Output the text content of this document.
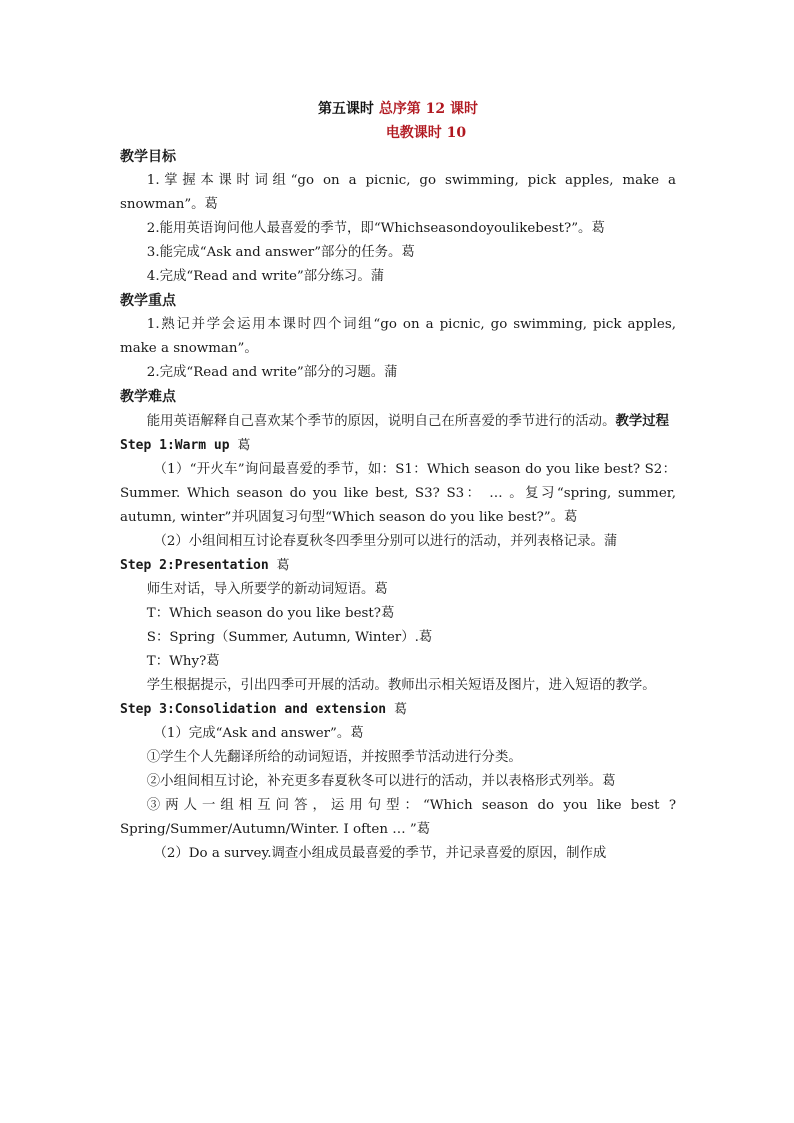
第五课时 总序第 12 课时
电教课时 10

教学目标

1.掌握本课时词组“go on a picnic, go swimming, pick apples, make a snowman”。葛

2.能用英语询问他人最喜爱的季节，即“Whichseasondoyoulikebest?”。葛

3.能完成“Ask and answer”部分的任务。葛

4.完成“Read and write”部分练习。蒲

教学重点

1.熟记并学会运用本课时四个词组“go on a picnic, go swimming, pick apples, make a snowman”。

2.完成“Read and write”部分的习题。蒲

教学难点

能用英语解释自己喜欢某个季节的原因，说明自己在所喜爱的季节进行的活动。教学过程

Step 1:Warm up 葛

（1）“开火车”询问最喜爱的季节，如：S1：Which season do you like best? S2：Summer. Which season do you like best, S3? S3： … 。复习“spring, summer, autumn, winter”并巩固复习句型“Which season do you like best?”。葛

（2）小组间相互讨论春夏秋冬四季里分别可以进行的活动，并列表格记录。蒲

Step 2:Presentation 葛

师生对话，导入所要学的新动词短语。葛

T：Which season do you like best?葛

S：Spring（Summer, Autumn, Winter）.葛

T：Why?葛

学生根据提示，引出四季可开展的活动。教师出示相关短语及图片，进入短语的教学。

Step 3:Consolidation and extension 葛

（1）完成“Ask and answer”。葛

①学生个人先翻译所给的动词短语，并按照季节活动进行分类。

②小组间相互讨论，补充更多春夏秋冬可以进行的活动，并以表格形式列举。葛

③两人一组相互问答，运用句型：“Which season do you like best ?Spring/Summer/Autumn/Winter. I often … ”葛

（2）Do a survey.调查小组成员最喜爱的季节，并记录喜爱的原因，制作成
